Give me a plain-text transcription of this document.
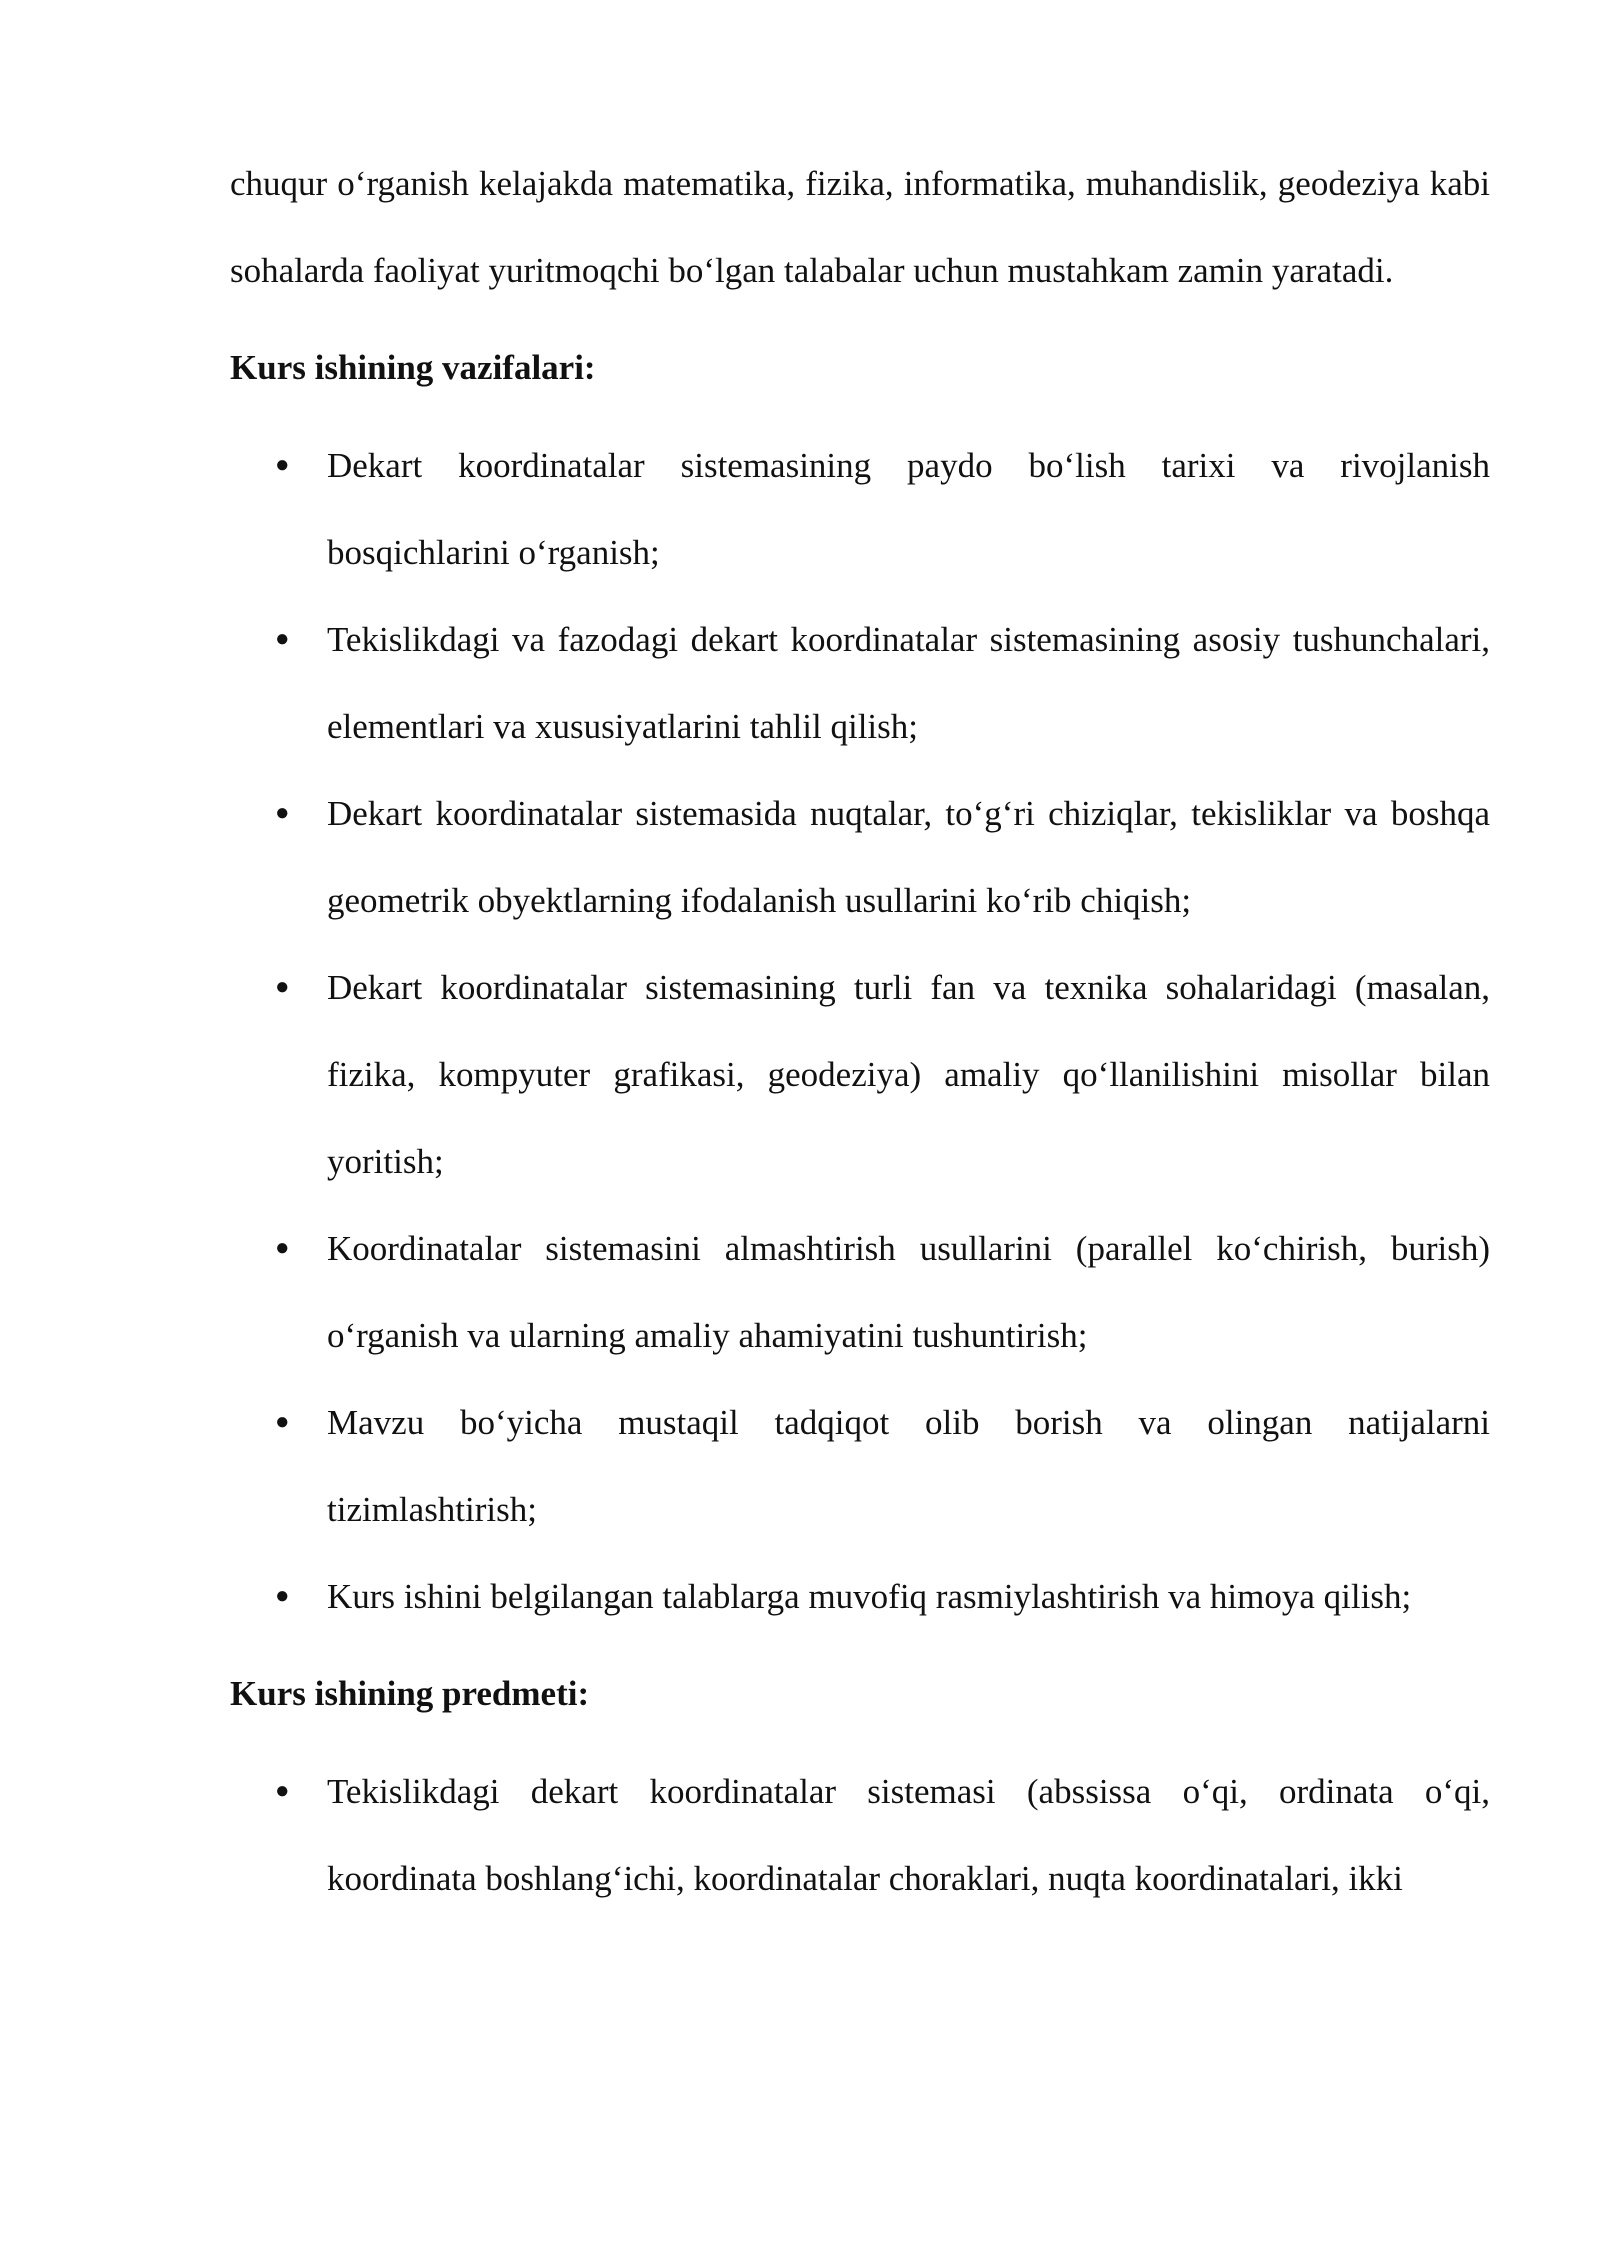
chuqur o‘rganish kelajakda matematika, fizika, informatika, muhandislik, geodeziya kabi sohalarda faoliyat yuritmoqchi bo‘lgan talabalar uchun mustahkam zamin yaratadi.

Kurs ishining vazifalari:

● Dekart koordinatalar sistemasining paydo bo‘lish tarixi va rivojlanish bosqichlarini o‘rganish;
● Tekislikdagi va fazodagi dekart koordinatalar sistemasining asosiy tushunchalari, elementlari va xususiyatlarini tahlil qilish;
● Dekart koordinatalar sistemasida nuqtalar, to‘g‘ri chiziqlar, tekisliklar va boshqa geometrik obyektlarning ifodalanish usullarini ko‘rib chiqish;
● Dekart koordinatalar sistemasining turli fan va texnika sohalaridagi (masalan, fizika, kompyuter grafikasi, geodeziya) amaliy qo‘llanilishini misollar bilan yoritish;
● Koordinatalar sistemasini almashtirish usullarini (parallel ko‘chirish, burish) o‘rganish va ularning amaliy ahamiyatini tushuntirish;
● Mavzu bo‘yicha mustaqil tadqiqot olib borish va olingan natijalarni tizimlashtirish;
● Kurs ishini belgilangan talablarga muvofiq rasmiylashtirish va himoya qilish;

Kurs ishining predmeti:

● Tekislikdagi dekart koordinatalar sistemasi (abssissa o‘qi, ordinata o‘qi, koordinata boshlang‘ichi, koordinatalar choraklari, nuqta koordinatalari, ikki
